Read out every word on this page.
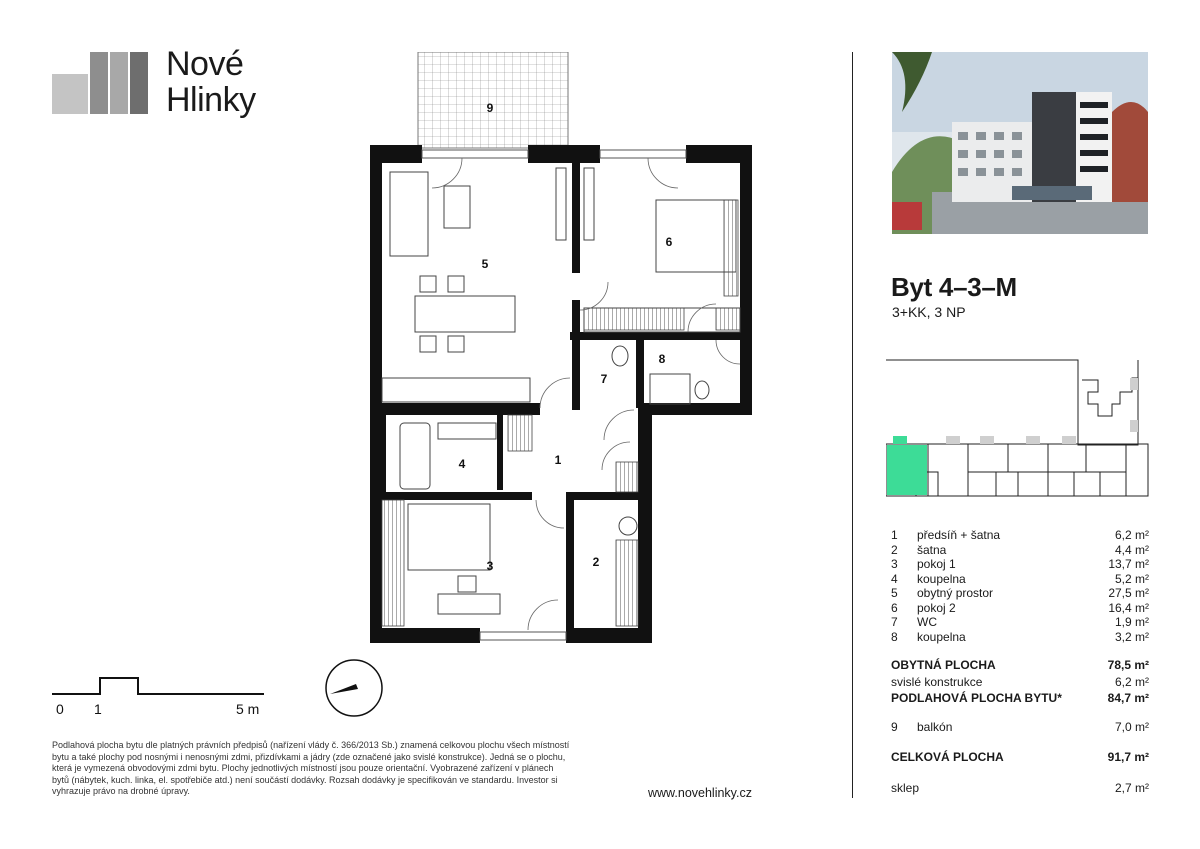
Nové
Hlinky
1
2
3
4
5
6
7
8
9
0 1	5 m
Podlahová plocha bytu dle platných právních předpisů (nařízení vlády č. 366/2013 Sb.) znamená celkovou plochu všech místností bytu a také plochy pod nosnými i nenosnými zdmi, přizdívkami a jádry (zde označené jako svislé konstrukce). Jedná se o plochu, která je vymezená obvodovými zdmi bytu. Plochy jednotlivých místností jsou pouze orientační. Vyobrazené zařízení v plánech bytů (nábytek, kuch. linka, el. spotřebiče atd.) není součástí dodávky. Rozsah dodávky je specifikován ve standardu. Investor si vyhrazuje právo na drobné úpravy.	www.novehlinky.cz
Byt 4–3–M
3+KK, 3 NP
1	předsíň + šatna	6,2 m²
2	šatna	4,4 m²
3	pokoj 1	13,7 m²
4	koupelna	5,2 m²
5	obytný prostor	27,5 m²
6	pokoj 2	16,4 m²
7	WC	1,9 m²
8	koupelna	3,2 m²
OBYTNÁ PLOCHA	78,5 m²
svislé konstrukce	6,2 m²
PODLAHOVÁ PLOCHA BYTU*	84,7 m²
9	balkón	7,0 m²
CELKOVÁ PLOCHA	91,7 m²
sklep	2,7 m²
